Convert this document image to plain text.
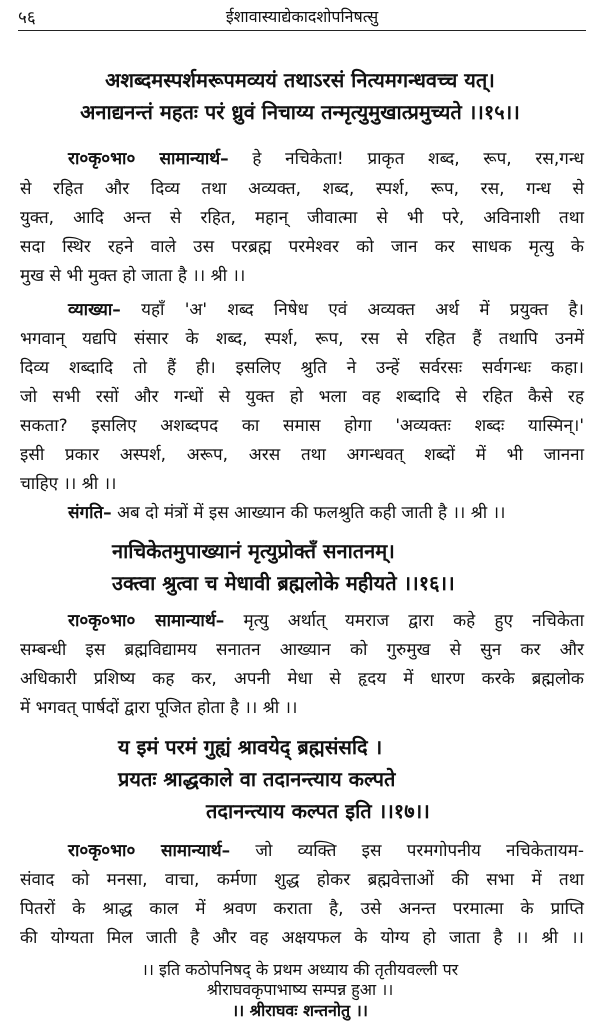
५६	ईशावास्याद्येकादशोपनिषत्सु
अशब्दमस्पर्शमरूपमव्ययं तथाऽरसं नित्यमगन्धवच्च यत्।
अनाद्यनन्तं महतः परं ध्रुवं निचाय्य तन्मृत्युमुखात्प्रमुच्यते ।।१५।।
रा०कृ०भा० सामान्यार्थ– हे नचिकेता! प्राकृत शब्द, रूप, रस,गन्ध
से रहित और दिव्य तथा अव्यक्त, शब्द, स्पर्श, रूप, रस, गन्ध से
युक्त, आदि अन्त से रहित, महान् जीवात्मा से भी परे, अविनाशी तथा
सदा स्थिर रहने वाले उस परब्रह्म परमेश्वर को जान कर साधक मृत्यु के
मुख से भी मुक्त हो जाता है ।। श्री ।।
व्याख्या– यहाँ 'अ' शब्द निषेध एवं अव्यक्त अर्थ में प्रयुक्त है।
भगवान् यद्यपि संसार के शब्द, स्पर्श, रूप, रस से रहित हैं तथापि उनमें
दिव्य शब्दादि तो हैं ही। इसलिए श्रुति ने उन्हें सर्वरसः सर्वगन्धः कहा।
जो सभी रसों और गन्धों से युक्त हो भला वह शब्दादि से रहित कैसे रह
सकता? इसलिए अशब्दपद का समास होगा 'अव्यक्तः शब्दः यास्मिन्।'
इसी प्रकार अस्पर्श, अरूप, अरस तथा अगन्धवत् शब्दों में भी जानना
चाहिए ।। श्री ।।
संगति– अब दो मंत्रों में इस आख्यान की फलश्रुति कही जाती है ।। श्री ।।
नाचिकेतमुपाख्यानं मृत्युप्रोक्तँ सनातनम्।
उक्त्वा श्रुत्वा च मेधावी ब्रह्मलोके महीयते ।।१६।।
रा०कृ०भा० सामान्यार्थ– मृत्यु अर्थात् यमराज द्वारा कहे हुए नचिकेता
सम्बन्धी इस ब्रह्मविद्यामय सनातन आख्यान को गुरुमुख से सुन कर और
अधिकारी प्रशिष्य कह कर, अपनी मेधा से हृदय में धारण करके ब्रह्मलोक
में भगवत् पार्षदों द्वारा पूजित होता है ।। श्री ।।
य इमं परमं गुह्यं श्रावयेद् ब्रह्मसंसदि ।
प्रयतः श्राद्धकाले वा तदानन्त्याय कल्पते
तदानन्त्याय कल्पत इति ।।१७।।
रा०कृ०भा० सामान्यार्थ– जो व्यक्ति इस परमगोपनीय नचिकेतायम-
संवाद को मनसा, वाचा, कर्मणा शुद्ध होकर ब्रह्मवेत्ताओं की सभा में तथा
पितरों के श्राद्ध काल में श्रवण कराता है, उसे अनन्त परमात्मा के प्राप्ति
की योग्यता मिल जाती है और वह अक्षयफल के योग्य हो जाता है ।। श्री ।।
।। इति कठोपनिषद् के प्रथम अध्याय की तृतीयवल्ली पर
श्रीराघवकृपाभाष्य सम्पन्न हुआ ।।
।। श्रीराघवः शन्तनोतु ।।
